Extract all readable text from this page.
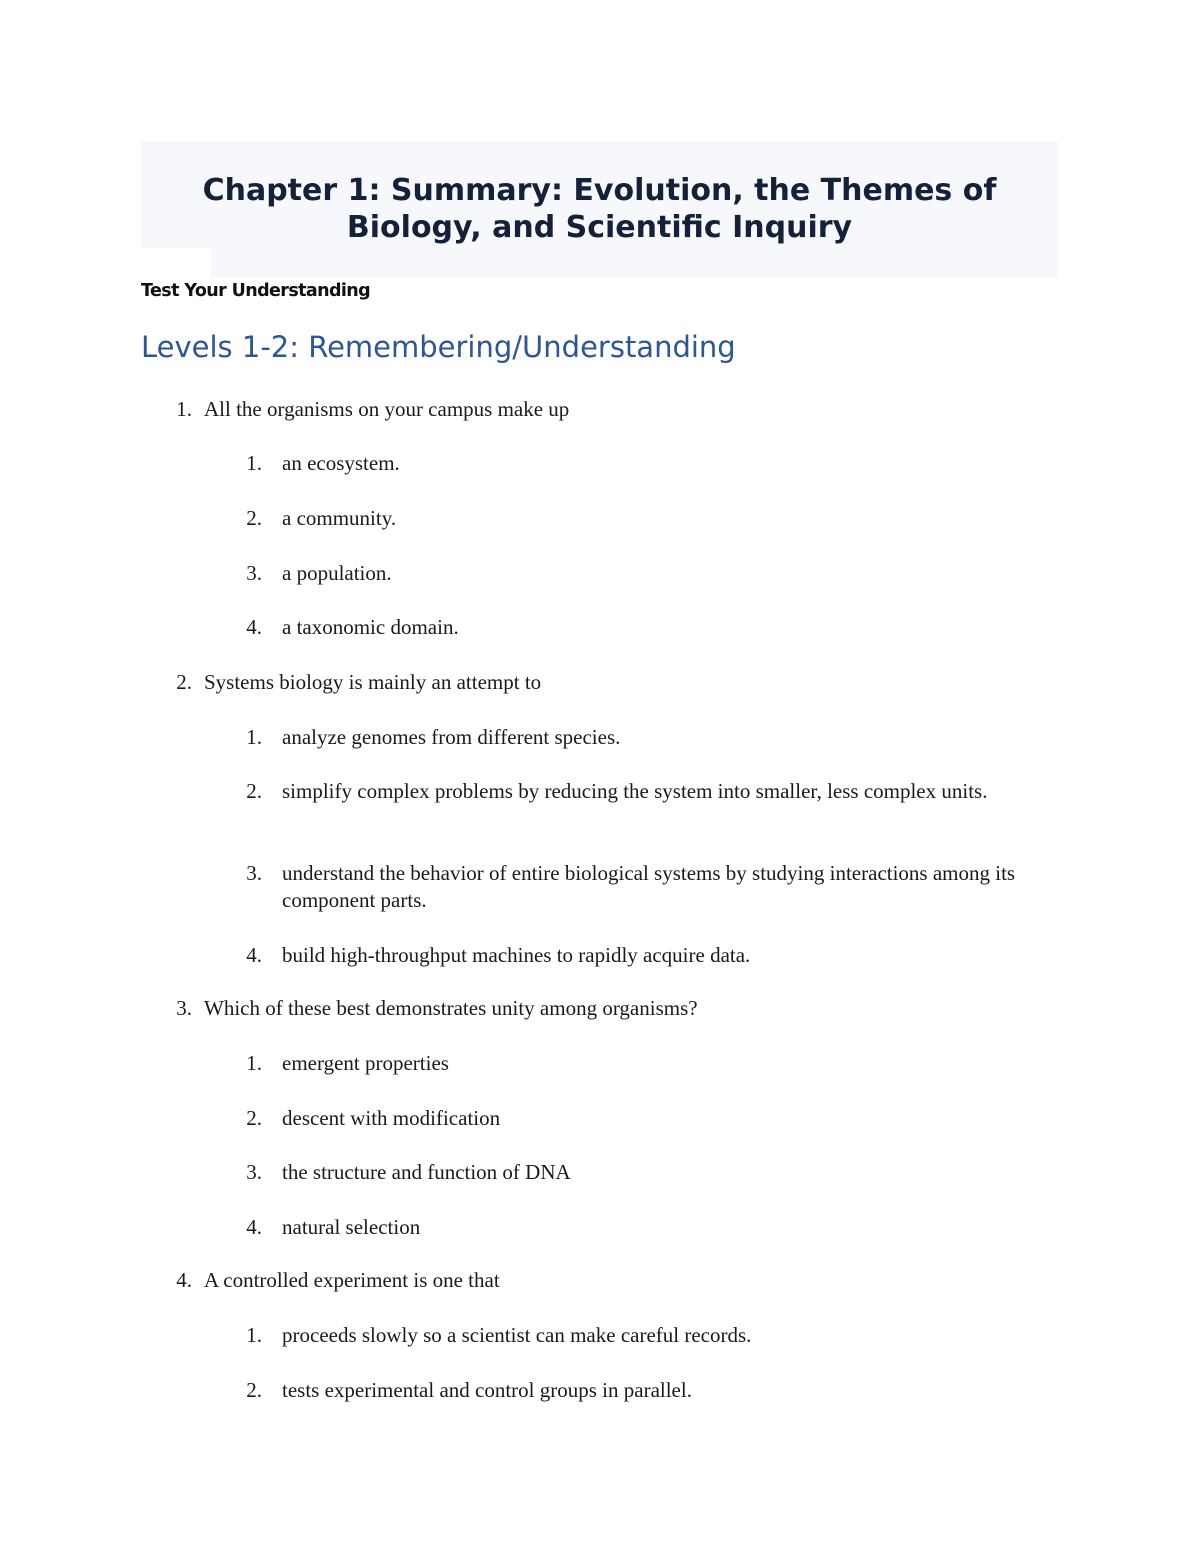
Chapter 1: Summary: Evolution, the Themes of Biology, and Scientific Inquiry

Test Your Understanding

Levels 1-2: Remembering/Understanding
1. All the organisms on your campus make up
1. an ecosystem.
2. a community.
3. a population.
4. a taxonomic domain.
2. Systems biology is mainly an attempt to
1. analyze genomes from different species.
2. simplify complex problems by reducing the system into smaller, less complex units.
3. understand the behavior of entire biological systems by studying interactions among its component parts.
4. build high-throughput machines to rapidly acquire data.
3. Which of these best demonstrates unity among organisms?
1. emergent properties
2. descent with modification
3. the structure and function of DNA
4. natural selection
4. A controlled experiment is one that
1. proceeds slowly so a scientist can make careful records.
2. tests experimental and control groups in parallel.
